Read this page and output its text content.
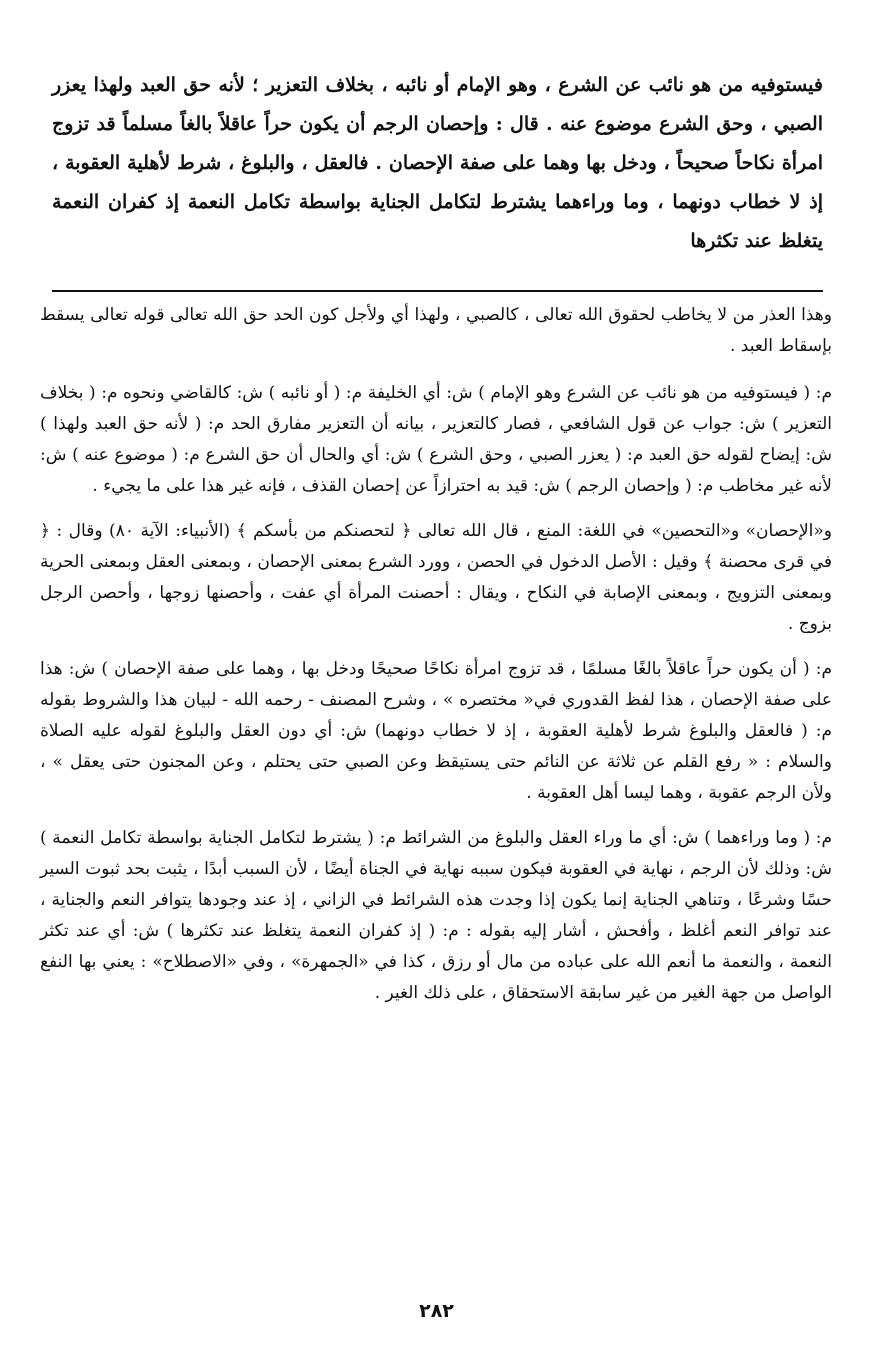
فيستوفيه من هو نائب عن الشرع ، وهو الإمام أو نائبه ، بخلاف التعزير ؛ لأنه حق العبد ولهذا يعزر الصبي ، وحق الشرع موضوع عنه . قال : وإحصان الرجم أن يكون حراً عاقلاً بالغاً مسلماً قد تزوج امرأة نكاحاً صحيحاً ، ودخل بها وهما على صفة الإحصان . فالعقل ، والبلوغ ، شرط لأهلية العقوبة ، إذ لا خطاب دونهما ، وما وراءهما يشترط لتكامل الجناية بواسطة تكامل النعمة إذ كفران النعمة يتغلظ عند تكثرها

وهذا العذر من لا يخاطب لحقوق الله تعالى ، كالصبي ، ولهذا أي ولأجل كون الحد حق الله تعالى قوله تعالى يسقط بإسقاط العبد .

م: ( فيستوفيه من هو نائب عن الشرع وهو الإمام ) ش: أي الخليفة م: ( أو نائبه ) ش: كالقاضي ونحوه م: ( بخلاف التعزير ) ش: جواب عن قول الشافعي ، فصار كالتعزير ، بيانه أن التعزير مفارق الحد م: ( لأنه حق العبد ولهذا ) ش: إيضاح لقوله حق العبد م: ( يعزر الصبي ، وحق الشرع ) ش: أي والحال أن حق الشرع م: ( موضوع عنه ) ش: لأنه غير مخاطب م: ( وإحصان الرجم ) ش: قيد به احترازاً عن إحصان القذف ، فإنه غير هذا على ما يجيء .

و«الإحصان» و«التحصين» في اللغة: المنع ، قال الله تعالى ﴿ لتحصنكم من بأسكم ﴾ (الأنبياء: الآية ٨٠) وقال : ﴿ في قرى محصنة ﴾ وقيل : الأصل الدخول في الحصن ، وورد الشرع بمعنى الإحصان ، وبمعنى العقل وبمعنى الحرية وبمعنى التزويج ، وبمعنى الإصابة في النكاح ، ويقال : أحصنت المرأة أي عفت ، وأحصنها زوجها ، وأحصن الرجل بزوج .

م: ( أن يكون حراً عاقلاً بالغًا مسلمًا ، قد تزوج امرأة نكاحًا صحيحًا ودخل بها ، وهما على صفة الإحصان ) ش: هذا على صفة الإحصان ، هذا لفظ القدوري في« مختصره » ، وشرح المصنف - رحمه الله - لبيان هذا والشروط بقوله م: ( فالعقل والبلوغ شرط لأهلية العقوبة ، إذ لا خطاب دونهما) ش: أي دون العقل والبلوغ لقوله عليه الصلاة والسلام : « رفع القلم عن ثلاثة عن النائم حتى يستيقظ وعن الصبي حتى يحتلم ، وعن المجنون حتى يعقل » ، ولأن الرجم عقوبة ، وهما ليسا أهل العقوبة .

م: ( وما وراءهما ) ش: أي ما وراء العقل والبلوغ من الشرائط م: ( يشترط لتكامل الجناية بواسطة تكامل النعمة ) ش: وذلك لأن الرجم ، نهاية في العقوبة فيكون سببه نهاية في الجناة أيضًا ، لأن السبب أبدًا ، يثبت بحد ثبوت السير حسًا وشرعًا ، وتناهي الجناية إنما يكون إذا وجدت هذه الشرائط في الزاني ، إذ عند وجودها يتوافر النعم والجناية ، عند توافر النعم أغلظ ، وأفحش ، أشار إليه بقوله : م: ( إذ كفران النعمة يتغلظ عند تكثرها ) ش: أي عند تكثر النعمة ، والنعمة ما أنعم الله على عباده من مال أو رزق ، كذا في «الجمهرة» ، وفي «الاصطلاح» : يعني بها النفع الواصل من جهة الغير من غير سابقة الاستحقاق ، على ذلك الغير .

٢٨٢
